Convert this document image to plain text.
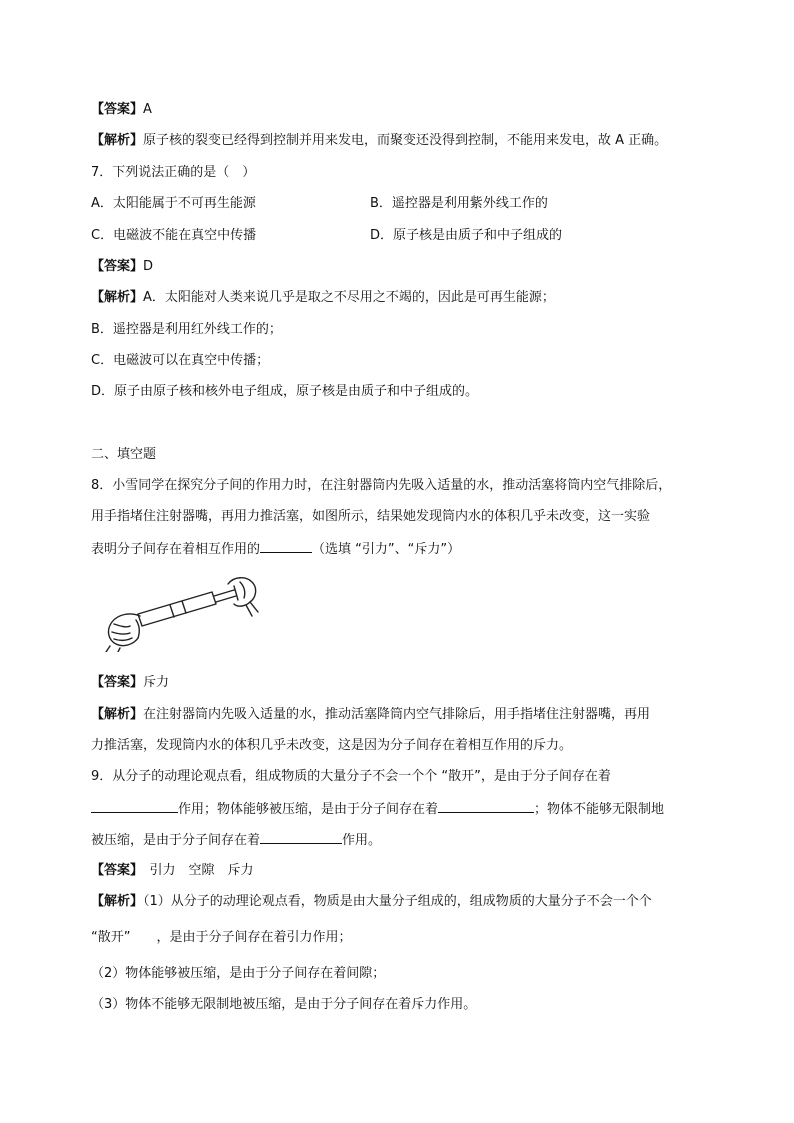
【答案】A
【解析】原子核的裂变已经得到控制并用来发电，而聚变还没得到控制，不能用来发电，故 A 正确。
7．下列说法正确的是（　）
A．太阳能属于不可再生能源	B．遥控器是利用紫外线工作的
C．电磁波不能在真空中传播	D．原子核是由质子和中子组成的
【答案】D
【解析】A．太阳能对人类来说几乎是取之不尽用之不竭的，因此是可再生能源；
B．遥控器是利用红外线工作的；
C．电磁波可以在真空中传播；
D．原子由原子核和核外电子组成，原子核是由质子和中子组成的。
二、填空题
8．小雪同学在探究分子间的作用力时，在注射器筒内先吸入适量的水，推动活塞将筒内空气排除后，
用手指堵住注射器嘴，再用力推活塞，如图所示，结果她发现筒内水的体积几乎未改变，这一实验
表明分子间存在着相互作用的	（选填 “引力”、“斥力”）
【答案】斥力
【解析】在注射器筒内先吸入适量的水，推动活塞降筒内空气排除后，用手指堵住注射器嘴，再用
力推活塞，发现筒内水的体积几乎未改变，这是因为分子间存在着相互作用的斥力。
9．从分子的动理论观点看，组成物质的大量分子不会一个个 “散开”，是由于分子间存在着
作用；物体能够被压缩，是由于分子间存在着	；物体不能够无限制地
被压缩，是由于分子间存在着	作用。
【答案】　引力　空隙　斥力
【解析】（1）从分子的动理论观点看，物质是由大量分子组成的，组成物质的大量分子不会一个个
“散开”　　，是由于分子间存在着引力作用；
（2）物体能够被压缩，是由于分子间存在着间隙；
（3）物体不能够无限制地被压缩，是由于分子间存在着斥力作用。
